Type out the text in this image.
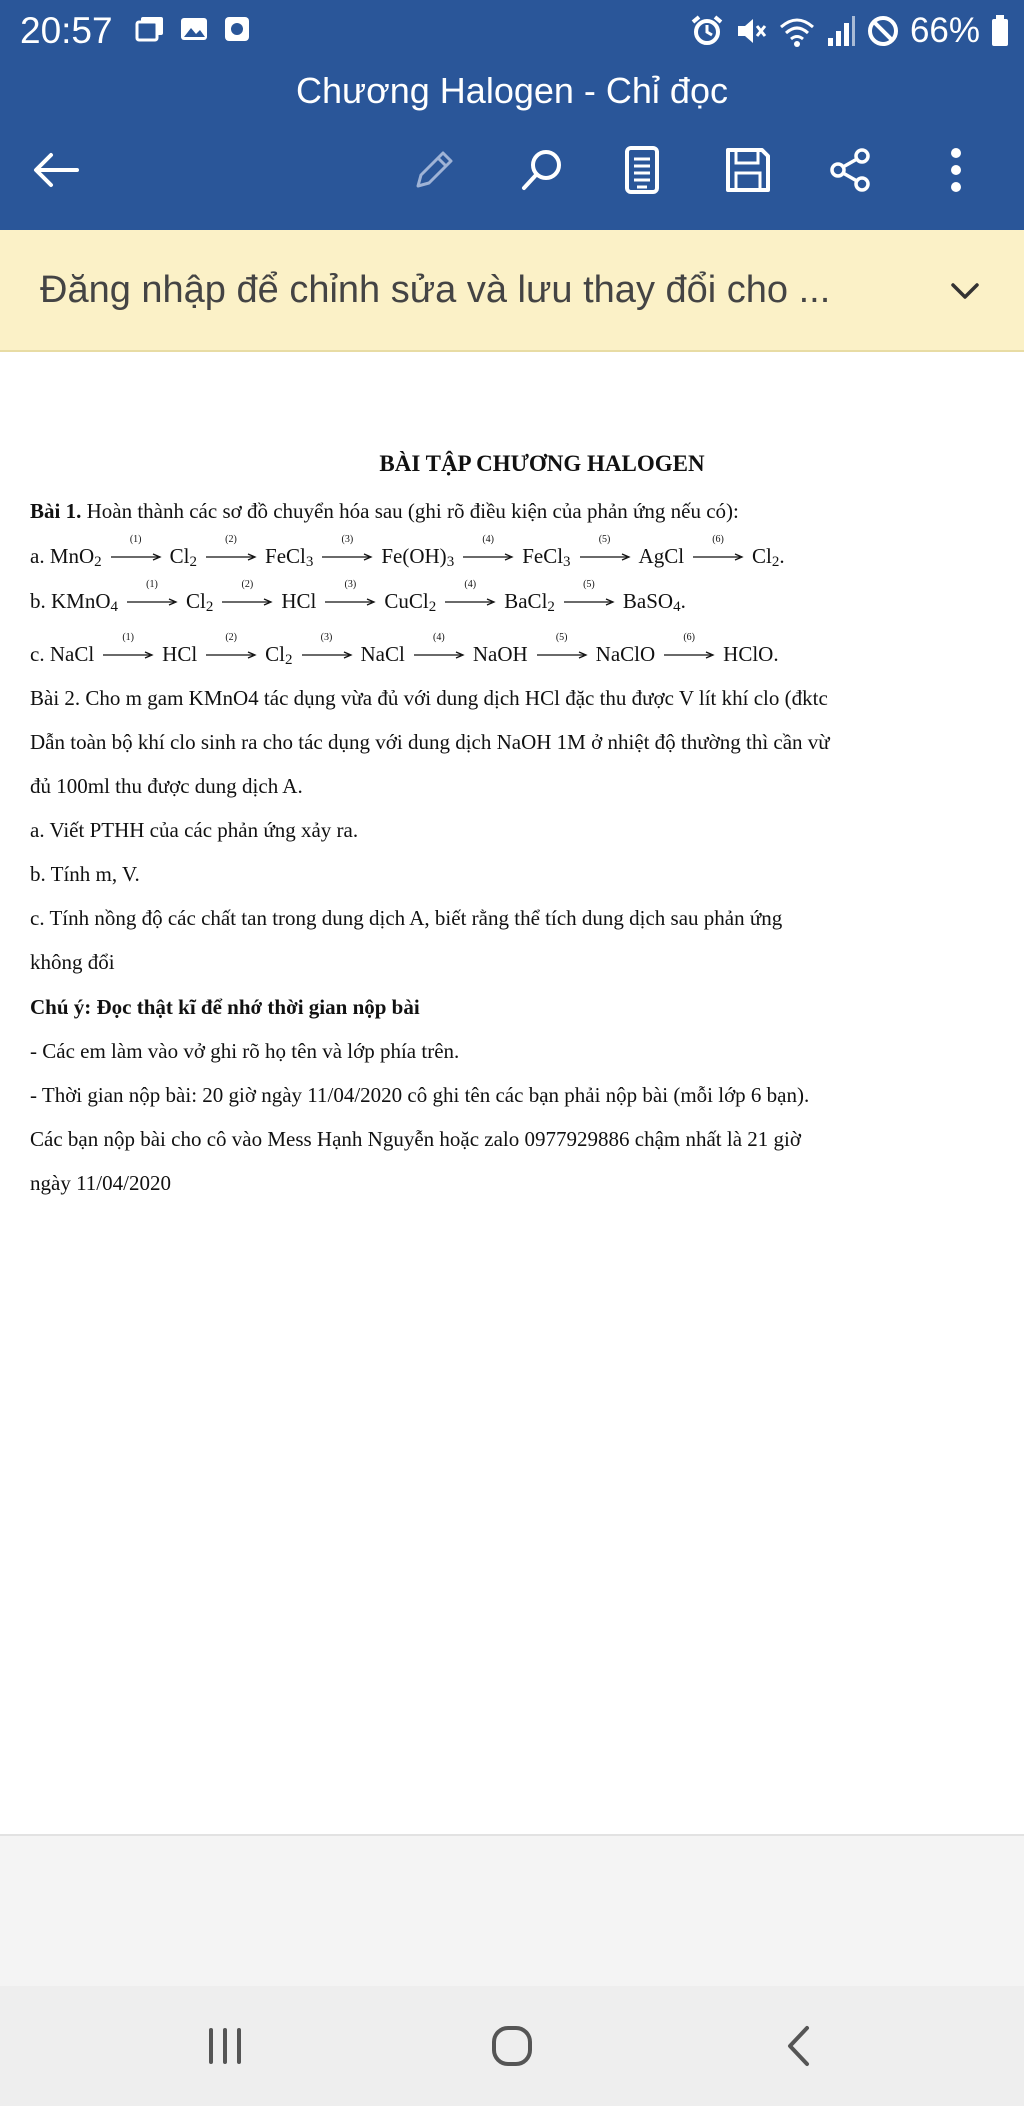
20:57	66%
Chương Halogen - Chỉ đọc
Đăng nhập để chỉnh sửa và lưu thay đổi cho ...
BÀI TẬP CHƯƠNG HALOGEN
Bài 1. Hoàn thành các sơ đồ chuyển hóa sau (ghi rõ điều kiện của phản ứng nếu có):
a. MnO$_2$
(1)
$Cl_2$
(2)
FeCl$_3$
(3)
$Fe(OH)_3$
(4)
FeCl$_3$
(5)
AgCl
(6)
$Cl_2$.
b. KMnO$_4$
(1)
$Cl_2$
(2)
HCl
(3)
CuCl$_2$
(4)
BaCl$_2$
(5)
BaSO$_4$.
c. NaCl
(1)
HCl
(2)
$Cl_2$
(3)
NaCl
(4)
NaOH
(5)
NaClO
(6)
HClO.
Bài 2. Cho m gam KMnO4 tác dụng vừa đủ với dung dịch HCl đặc thu được V lít khí clo (đktc
Dẫn toàn bộ khí clo sinh ra cho tác dụng với dung dịch NaOH 1M ở nhiệt độ thường thì cần vừ
đủ 100ml thu được dung dịch A.
a. Viết PTHH của các phản ứng xảy ra.
b. Tính m, V.
c. Tính nồng độ các chất tan trong dung dịch A, biết rằng thể tích dung dịch sau phản ứng
không đổi
Chú ý: Đọc thật kĩ để nhớ thời gian nộp bài
- Các em làm vào vở ghi rõ họ tên và lớp phía trên.
- Thời gian nộp bài: 20 giờ ngày 11/04/2020 cô ghi tên các bạn phải nộp bài (mỗi lớp 6 bạn).
Các bạn nộp bài cho cô vào Mess Hạnh Nguyễn hoặc zalo 0977929886 chậm nhất là 21 giờ
ngày 11/04/2020
